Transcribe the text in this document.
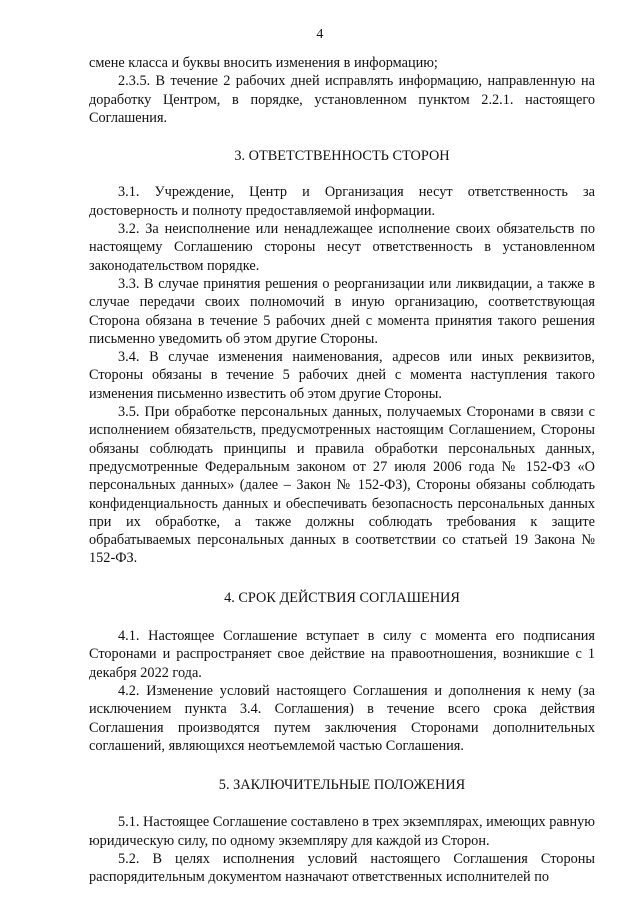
4

смене класса и буквы вносить изменения в информацию;

2.3.5. В течение 2 рабочих дней исправлять информацию, направленную на доработку Центром, в порядке, установленном пунктом 2.2.1. настоящего Соглашения.

3. ОТВЕТСТВЕННОСТЬ СТОРОН

3.1. Учреждение, Центр и Организация несут ответственность за достоверность и полноту предоставляемой информации.

3.2. За неисполнение или ненадлежащее исполнение своих обязательств по настоящему Соглашению стороны несут ответственность в установленном законодательством порядке.

3.3. В случае принятия решения о реорганизации или ликвидации, а также в случае передачи своих полномочий в иную организацию, соответствующая Сторона обязана в течение 5 рабочих дней с момента принятия такого решения письменно уведомить об этом другие Стороны.

3.4. В случае изменения наименования, адресов или иных реквизитов, Стороны обязаны в течение 5 рабочих дней с момента наступления такого изменения письменно известить об этом другие Стороны.

3.5. При обработке персональных данных, получаемых Сторонами в связи с исполнением обязательств, предусмотренных настоящим Соглашением, Стороны обязаны соблюдать принципы и правила обработки персональных данных, предусмотренные Федеральным законом от 27 июля 2006 года № 152-ФЗ «О персональных данных» (далее – Закон № 152-ФЗ), Стороны обязаны соблюдать конфиденциальность данных и обеспечивать безопасность персональных данных при их обработке, а также должны соблюдать требования к защите обрабатываемых персональных данных в соответствии со статьей 19 Закона № 152-ФЗ.

4. СРОК ДЕЙСТВИЯ СОГЛАШЕНИЯ

4.1. Настоящее Соглашение вступает в силу с момента его подписания Сторонами и распространяет свое действие на правоотношения, возникшие с 1 декабря 2022 года.

4.2. Изменение условий настоящего Соглашения и дополнения к нему (за исключением пункта 3.4. Соглашения) в течение всего срока действия Соглашения производятся путем заключения Сторонами дополнительных соглашений, являющихся неотъемлемой частью Соглашения.

5. ЗАКЛЮЧИТЕЛЬНЫЕ ПОЛОЖЕНИЯ

5.1. Настоящее Соглашение составлено в трех экземплярах, имеющих равную юридическую силу, по одному экземпляру для каждой из Сторон.

5.2. В целях исполнения условий настоящего Соглашения Стороны распорядительным документом назначают ответственных исполнителей по
